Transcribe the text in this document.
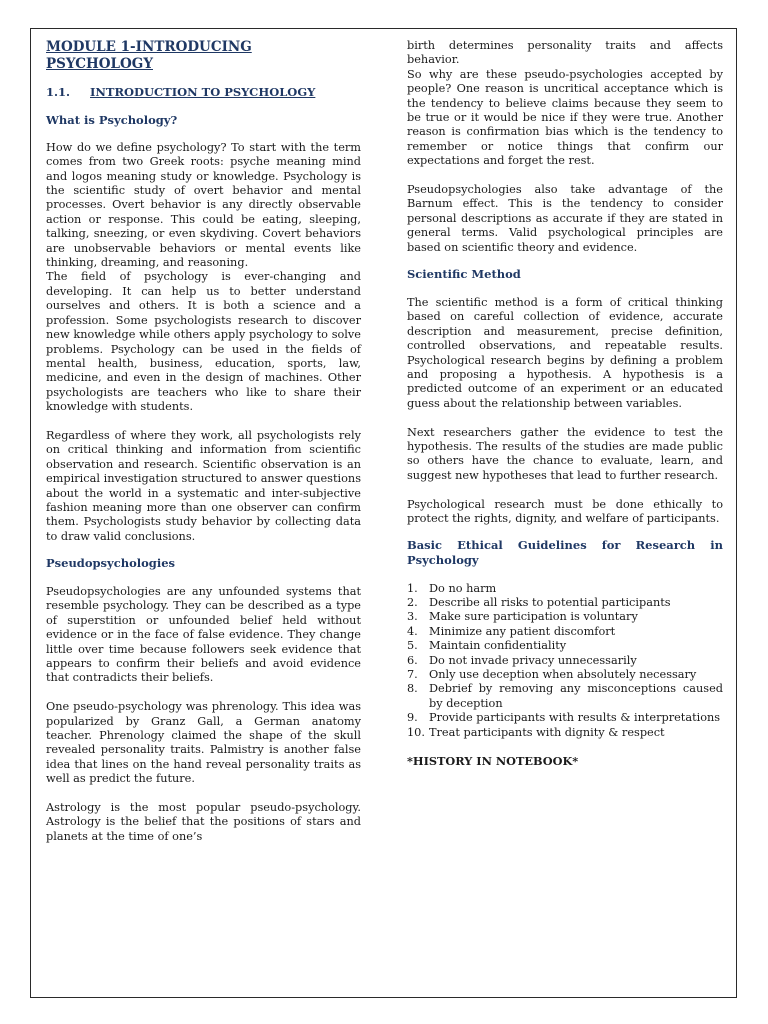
MODULE 1-INTRODUCING PSYCHOLOGY
1.1. INTRODUCTION TO PSYCHOLOGY
What is Psychology?

How do we define psychology? To start with the term comes from two Greek roots: psyche meaning mind and logos meaning study or knowledge. Psychology is the scientific study of overt behavior and mental processes. Overt behavior is any directly observable action or response. This could be eating, sleeping, talking, sneezing, or even skydiving. Covert behaviors are unobservable behaviors or mental events like thinking, dreaming, and reasoning.

The field of psychology is ever-changing and developing. It can help us to better understand ourselves and others. It is both a science and a profession. Some psychologists research to discover new knowledge while others apply psychology to solve problems. Psychology can be used in the fields of mental health, business, education, sports, law, medicine, and even in the design of machines. Other psychologists are teachers who like to share their knowledge with students.

Regardless of where they work, all psychologists rely on critical thinking and information from scientific observation and research. Scientific observation is an empirical investigation structured to answer questions about the world in a systematic and inter-subjective fashion meaning more than one observer can confirm them. Psychologists study behavior by collecting data to draw valid conclusions.

Pseudopsychologies

Pseudopsychologies are any unfounded systems that resemble psychology. They can be described as a type of superstition or unfounded belief held without evidence or in the face of false evidence. They change little over time because followers seek evidence that appears to confirm their beliefs and avoid evidence that contradicts their beliefs.

One pseudo-psychology was phrenology. This idea was popularized by Granz Gall, a German anatomy teacher. Phrenology claimed the shape of the skull revealed personality traits. Palmistry is another false idea that lines on the hand reveal personality traits as well as predict the future.

Astrology is the most popular pseudo-psychology. Astrology is the belief that the positions of stars and planets at the time of one’s

birth determines personality traits and affects behavior.

So why are these pseudo-psychologies accepted by people? One reason is uncritical acceptance which is the tendency to believe claims because they seem to be true or it would be nice if they were true. Another reason is confirmation bias which is the tendency to remember or notice things that confirm our expectations and forget the rest.

Pseudopsychologies also take advantage of the Barnum effect. This is the tendency to consider personal descriptions as accurate if they are stated in general terms. Valid psychological principles are based on scientific theory and evidence.

Scientific Method

The scientific method is a form of critical thinking based on careful collection of evidence, accurate description and measurement, precise definition, controlled observations, and repeatable results. Psychological research begins by defining a problem and proposing a hypothesis. A hypothesis is a predicted outcome of an experiment or an educated guess about the relationship between variables.

Next researchers gather the evidence to test the hypothesis. The results of the studies are made public so others have the chance to evaluate, learn, and suggest new hypotheses that lead to further research.

Psychological research must be done ethically to protect the rights, dignity, and welfare of participants.

Basic Ethical Guidelines for Research in Psychology
1. Do no harm
2. Describe all risks to potential participants
3. Make sure participation is voluntary
4. Minimize any patient discomfort
5. Maintain confidentiality
6. Do not invade privacy unnecessarily
7. Only use deception when absolutely necessary
8. Debrief by removing any misconceptions caused by deception
9. Provide participants with results & interpretations
10. Treat participants with dignity & respect
*HISTORY IN NOTEBOOK*
